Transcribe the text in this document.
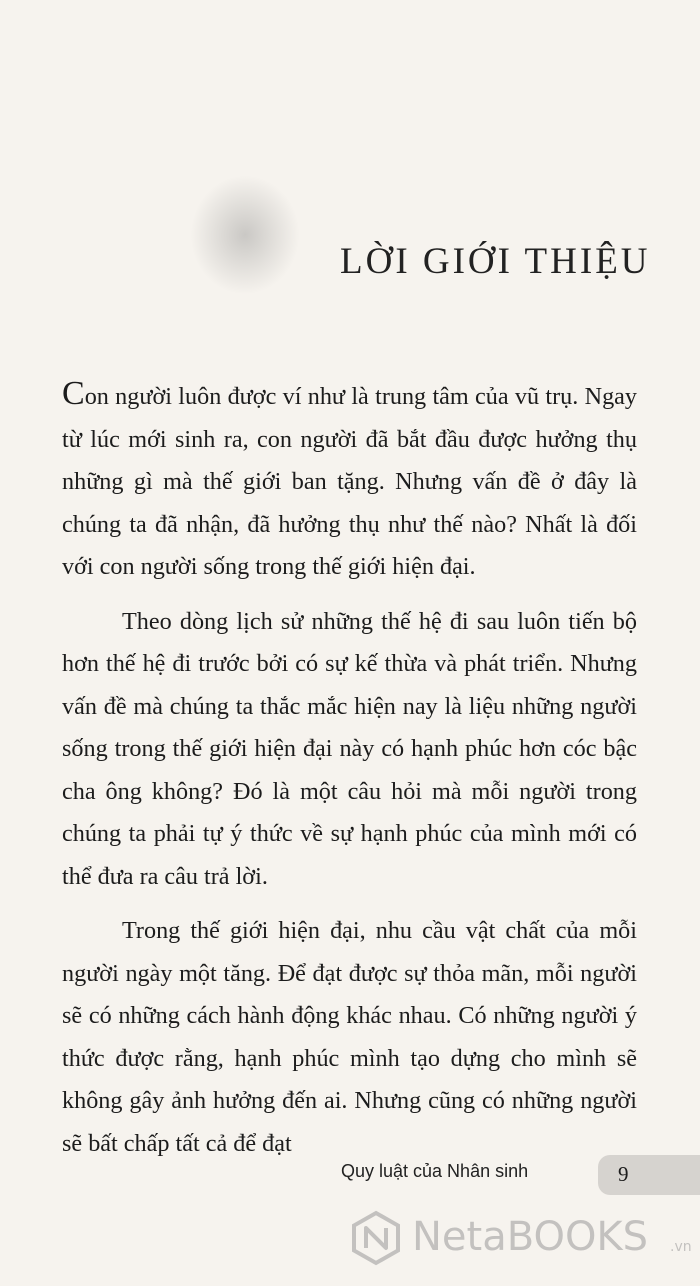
LỜI GIỚI THIỆU

Con người luôn được ví như là trung tâm của vũ trụ. Ngay từ lúc mới sinh ra, con người đã bắt đầu được hưởng thụ những gì mà thế giới ban tặng. Nhưng vấn đề ở đây là chúng ta đã nhận, đã hưởng thụ như thế nào? Nhất là đối với con người sống trong thế giới hiện đại.

Theo dòng lịch sử những thế hệ đi sau luôn tiến bộ hơn thế hệ đi trước bởi có sự kế thừa và phát triển. Nhưng vấn đề mà chúng ta thắc mắc hiện nay là liệu những người sống trong thế giới hiện đại này có hạnh phúc hơn cóc bậc cha ông không? Đó là một câu hỏi mà mỗi người trong chúng ta phải tự ý thức về sự hạnh phúc của mình mới có thể đưa ra câu trả lời.

Trong thế giới hiện đại, nhu cầu vật chất của mỗi người ngày một tăng. Để đạt được sự thỏa mãn, mỗi người sẽ có những cách hành động khác nhau. Có những người ý thức được rằng, hạnh phúc mình tạo dựng cho mình sẽ không gây ảnh hưởng đến ai. Nhưng cũng có những người sẽ bất chấp tất cả để đạt

Quy luật của Nhân sinh	9
NetaBOOKS .vn
